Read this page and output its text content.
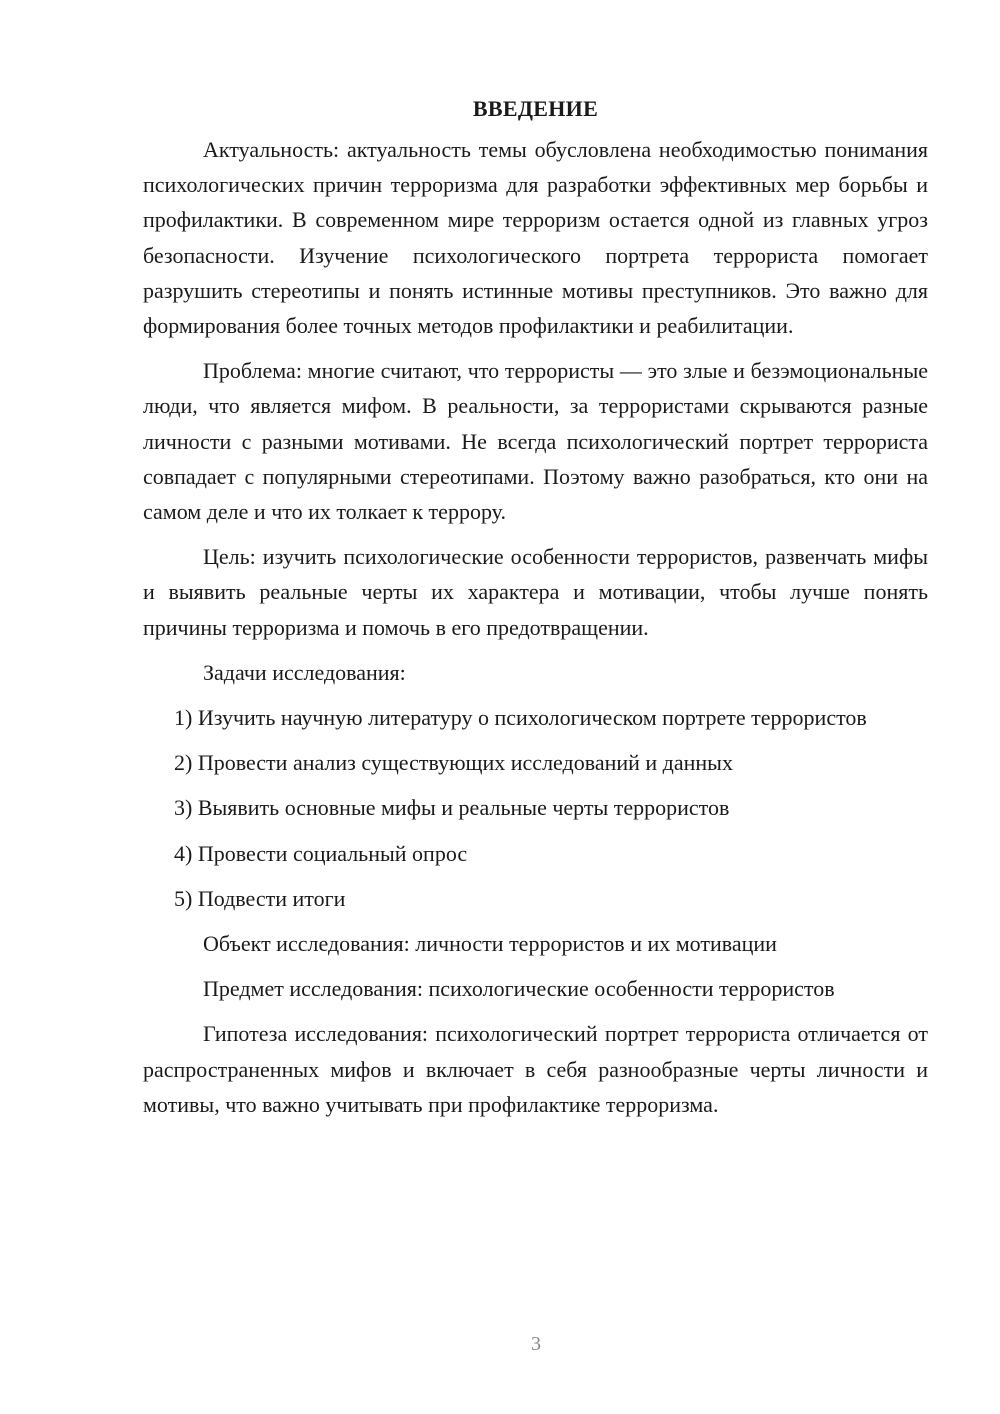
ВВЕДЕНИЕ

Актуальность: актуальность темы обусловлена необходимостью понимания психологических причин терроризма для разработки эффективных мер борьбы и профилактики. В современном мире терроризм остается одной из главных угроз безопасности. Изучение психологического портрета террориста помогает разрушить стереотипы и понять истинные мотивы преступников. Это важно для формирования более точных методов профилактики и реабилитации.

Проблема: многие считают, что террористы — это злые и безэмоциональные люди, что является мифом. В реальности, за террористами скрываются разные личности с разными мотивами. Не всегда психологический портрет террориста совпадает с популярными стереотипами. Поэтому важно разобраться, кто они на самом деле и что их толкает к террору.

Цель: изучить психологические особенности террористов, развенчать мифы и выявить реальные черты их характера и мотивации, чтобы лучше понять причины терроризма и помочь в его предотвращении.

Задачи исследования:

1) Изучить научную литературу о психологическом портрете террористов

2) Провести анализ существующих исследований и данных

3) Выявить основные мифы и реальные черты террористов

4) Провести социальный опрос

5) Подвести итоги

Объект исследования: личности террористов и их мотивации

Предмет исследования: психологические особенности террористов

Гипотеза исследования: психологический портрет террориста отличается от распространенных мифов и включает в себя разнообразные черты личности и мотивы, что важно учитывать при профилактике терроризма.

3
